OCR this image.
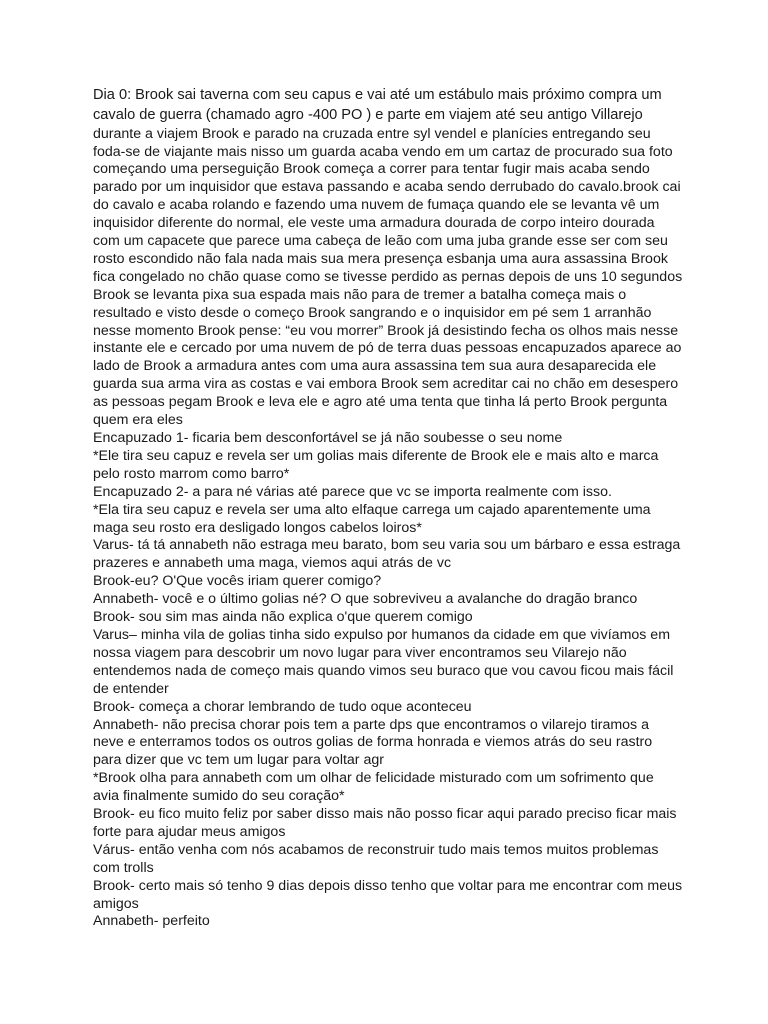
Dia 0: Brook sai taverna com seu capus e vai até um estábulo mais próximo compra um cavalo de guerra (chamado agro -400 PO ) e parte em viajem até seu antigo Villarejo

durante a viajem Brook e parado na cruzada entre syl vendel e planícies entregando seu foda-se de viajante mais nisso um guarda acaba vendo em um cartaz de procurado sua foto começando uma perseguição Brook começa a correr para tentar fugir mais acaba sendo parado por um inquisidor que estava passando e acaba sendo derrubado do cavalo.brook cai do cavalo e acaba rolando e fazendo uma nuvem de fumaça quando ele se levanta vê um inquisidor diferente do normal, ele veste uma armadura dourada de corpo inteiro dourada com um capacete que parece uma cabeça de leão com uma juba grande esse ser com seu rosto escondido não fala nada mais sua mera presença esbanja uma aura assassina Brook fica congelado no chão quase como se tivesse perdido as pernas depois de uns 10 segundos Brook se levanta pixa sua espada mais não para de tremer a batalha começa mais o resultado e visto desde o começo Brook sangrando e o inquisidor em pé sem 1 arranhão nesse momento Brook pense: “eu vou morrer” Brook já desistindo fecha os olhos mais nesse instante ele e cercado por uma nuvem de pó de terra duas pessoas encapuzados aparece ao lado de Brook a armadura antes com uma aura assassina tem sua aura desaparecida ele guarda sua arma vira as costas e vai embora Brook sem acreditar cai no chão em desespero as pessoas pegam Brook e leva ele e agro até uma tenta que tinha lá perto Brook pergunta quem era eles
Encapuzado 1- ficaria bem desconfortável se já não soubesse o seu nome
*Ele tira seu capuz e revela ser um golias mais diferente de Brook ele e mais alto e marca pelo rosto marrom como barro*
Encapuzado 2- a para né várias até parece que vc se importa realmente com isso.
*Ela tira seu capuz e revela ser uma alto elfaque carrega um cajado aparentemente uma maga seu rosto era desligado longos cabelos loiros*
Varus- tá tá annabeth não estraga meu barato, bom seu varia sou um bárbaro e essa estraga prazeres e annabeth uma maga, viemos aqui atrás de vc
Brook-eu? O'Que vocês iriam querer comigo?
Annabeth- você e o último golias né? O que sobreviveu a avalanche do dragão branco
Brook- sou sim mas ainda não explica o'que querem comigo
Varus– minha vila de golias tinha sido expulso por humanos da cidade em que vivíamos em nossa viagem para descobrir um novo lugar para viver encontramos seu Vilarejo não entendemos nada de começo mais quando vimos seu buraco que vou cavou ficou mais fácil de entender
Brook- começa a chorar lembrando de tudo oque aconteceu
Annabeth- não precisa chorar pois tem a parte dps que encontramos o vilarejo tiramos a neve e enterramos todos os outros golias de forma honrada e viemos atrás do seu rastro para dizer que vc tem um lugar para voltar agr
*Brook olha para annabeth com um olhar de felicidade misturado com um sofrimento que avia finalmente sumido do seu coração*
Brook- eu fico muito feliz por saber disso mais não posso ficar aqui parado preciso ficar mais forte para ajudar meus amigos
Várus- então venha com nós acabamos de reconstruir tudo mais temos muitos problemas com trolls
Brook- certo mais só tenho 9 dias depois disso tenho que voltar para me encontrar com meus amigos
Annabeth- perfeito
